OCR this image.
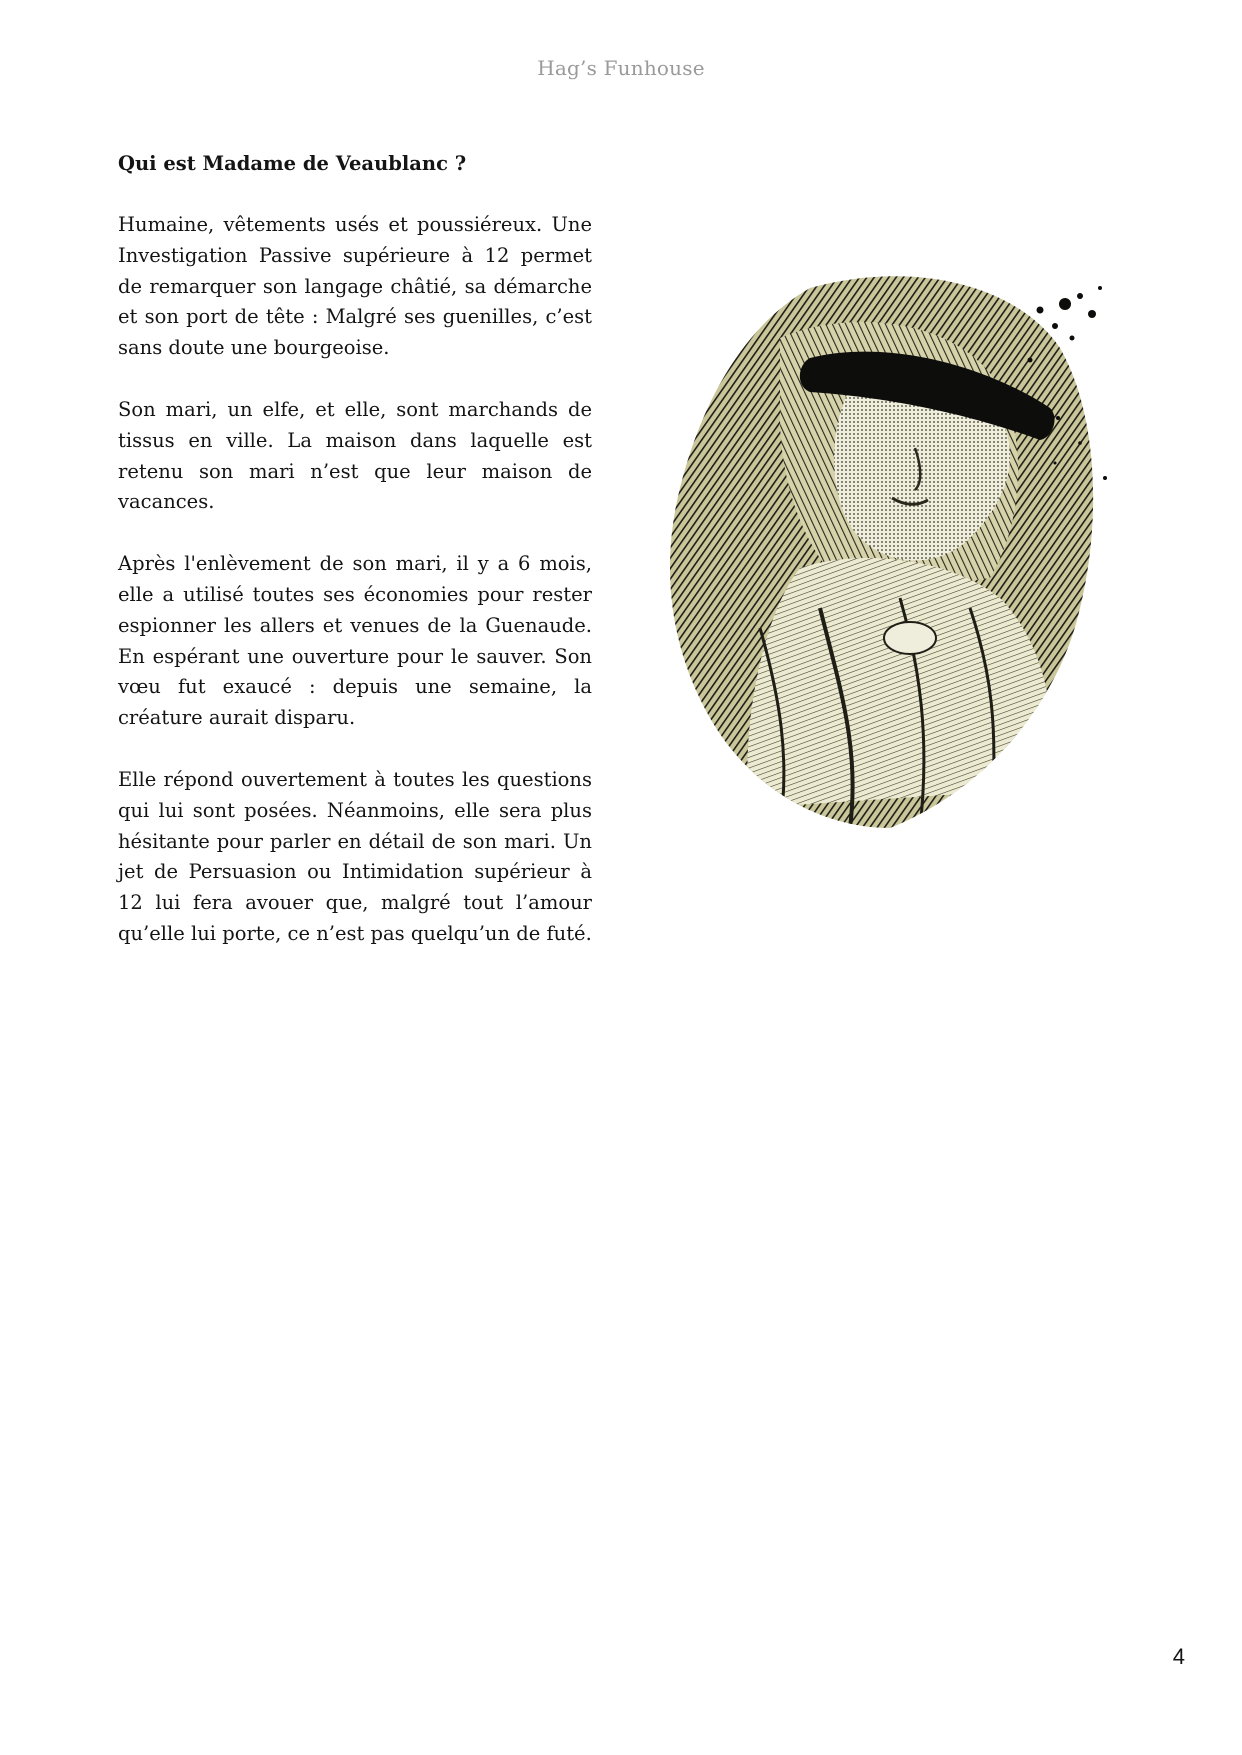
Hag’s Funhouse
Qui est Madame de Veaublanc ?

Humaine, vêtements usés et poussiéreux. Une Investigation Passive supérieure à 12 permet de remarquer son langage châtié, sa démarche et son port de tête : Malgré ses guenilles, c’est sans doute une bourgeoise.

Son mari, un elfe, et elle, sont marchands de tissus en ville. La maison dans laquelle est retenu son mari n’est que leur maison de vacances.

Après l'enlèvement de son mari, il y a 6 mois, elle a utilisé toutes ses économies pour rester espionner les allers et venues de la Guenaude. En espérant une ouverture pour le sauver. Son vœu fut exaucé : depuis une semaine, la créature aurait disparu.

Elle répond ouvertement à toutes les questions qui lui sont posées. Néanmoins, elle sera plus hésitante pour parler en détail de son mari. Un jet de Persuasion ou Intimidation supérieur à 12 lui fera avouer que, malgré tout l’amour qu’elle lui porte, ce n’est pas quelqu’un de futé.

4
